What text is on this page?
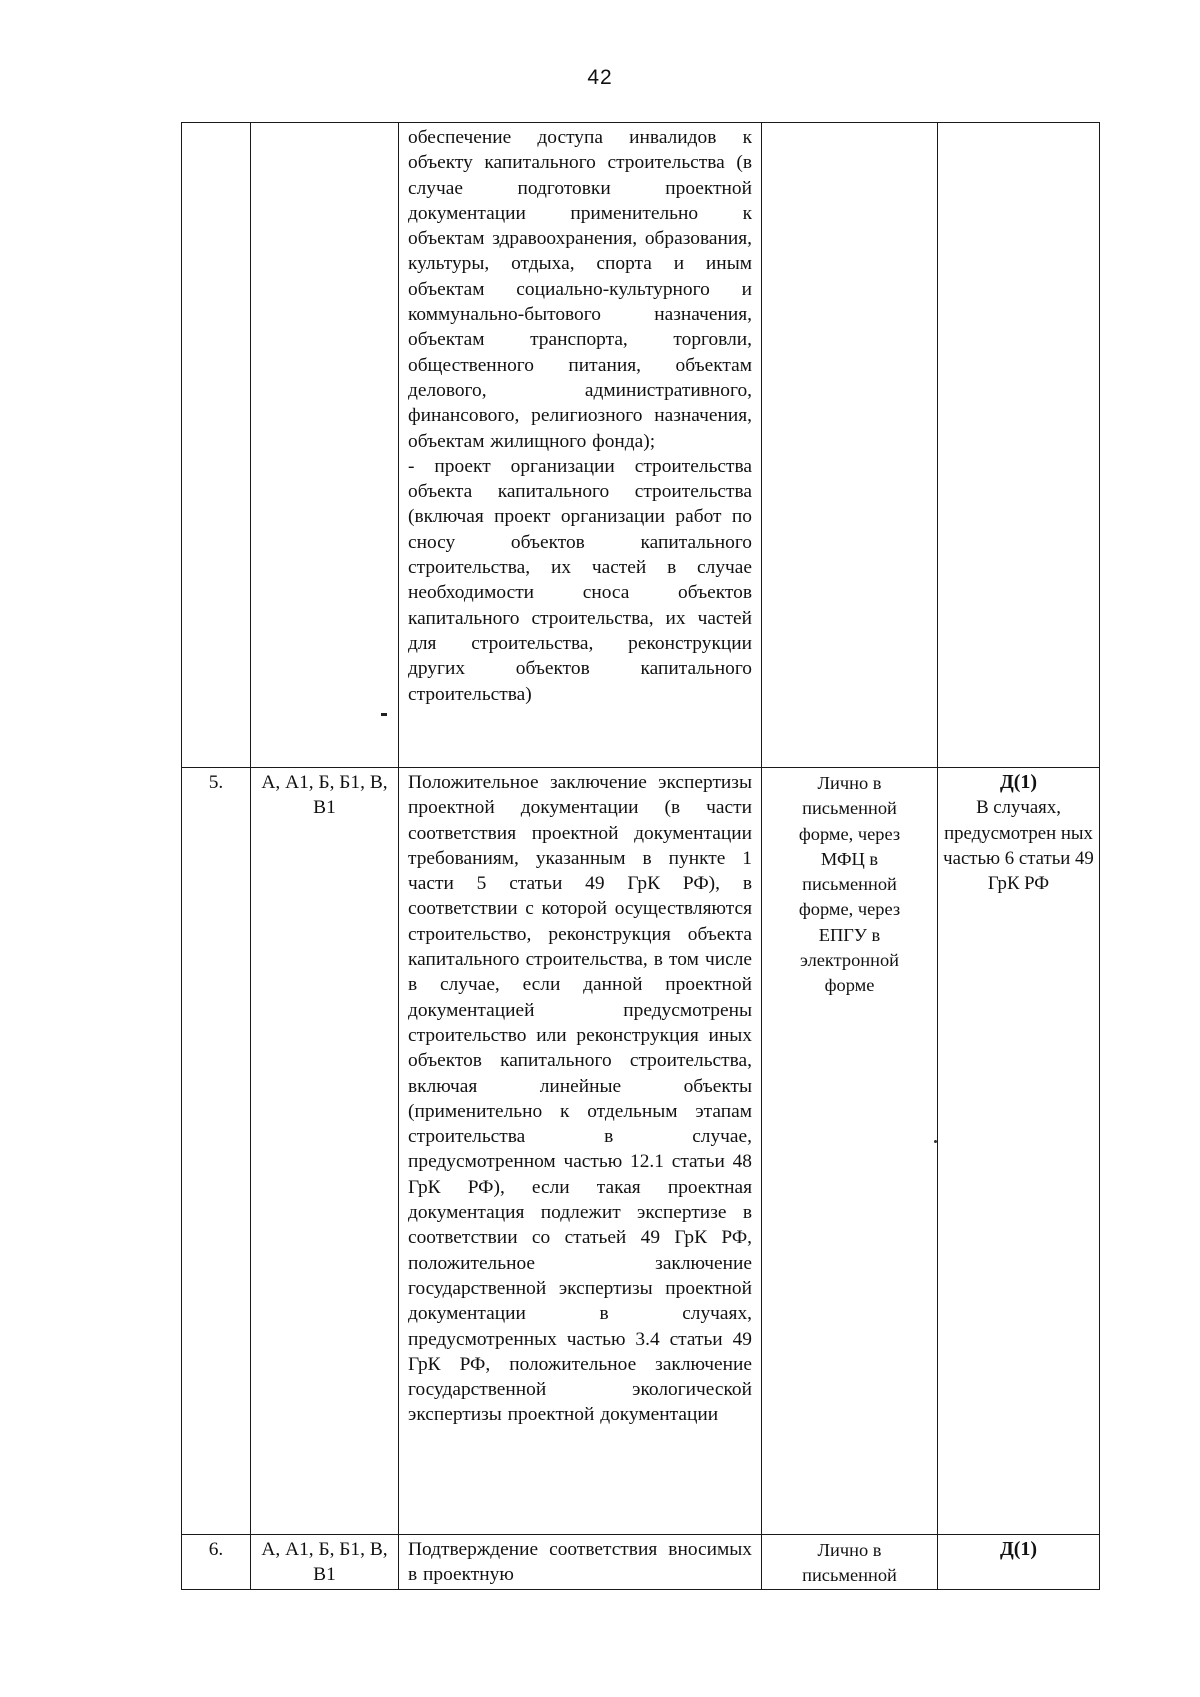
42

		обеспечение доступа инвалидов к объекту капитального строительства (в случае подготовки проектной документации применительно к объектам здравоохранения, образования, культуры, отдыха, спорта и иным объектам социально-культурного и коммунально-бытового назначения, объектам транспорта, торговли, общественного питания, объектам делового, административного, финансового, религиозного назначения, объектам жилищного фонда);
- проект организации строительства объекта капитального строительства (включая проект организации работ по сносу объектов капитального строительства, их частей в случае необходимости сноса объектов капитального строительства, их частей для строительства, реконструкции других объектов капитального строительства)		

5.	А, А1, Б, Б1, В, В1	Положительное заключение экспертизы проектной документации (в части соответствия проектной документации требованиям, указанным в пункте 1 части 5 статьи 49 ГрК РФ), в соответствии с которой осуществляются строительство, реконструкция объекта капитального строительства, в том числе в случае, если данной проектной документацией предусмотрены строительство или реконструкция иных объектов капитального строительства, включая линейные объекты (применительно к отдельным этапам строительства в случае, предусмотренном частью 12.1 статьи 48 ГрК РФ), если такая проектная документация подлежит экспертизе в соответствии со статьей 49 ГрК РФ, положительное заключение государственной экспертизы проектной документации в случаях, предусмотренных частью 3.4 статьи 49 ГрК РФ, положительное заключение государственной экологической экспертизы проектной документации	Лично в письменной форме, через МФЦ в письменной форме, через ЕПГУ в электронной форме	Д(1)
В случаях, предусмотрен ных частью 6 статьи 49 ГрК РФ

6.	А, А1, Б, Б1, В, В1	Подтверждение соответствия вносимых в проектную	Лично в письменной	Д(1)
